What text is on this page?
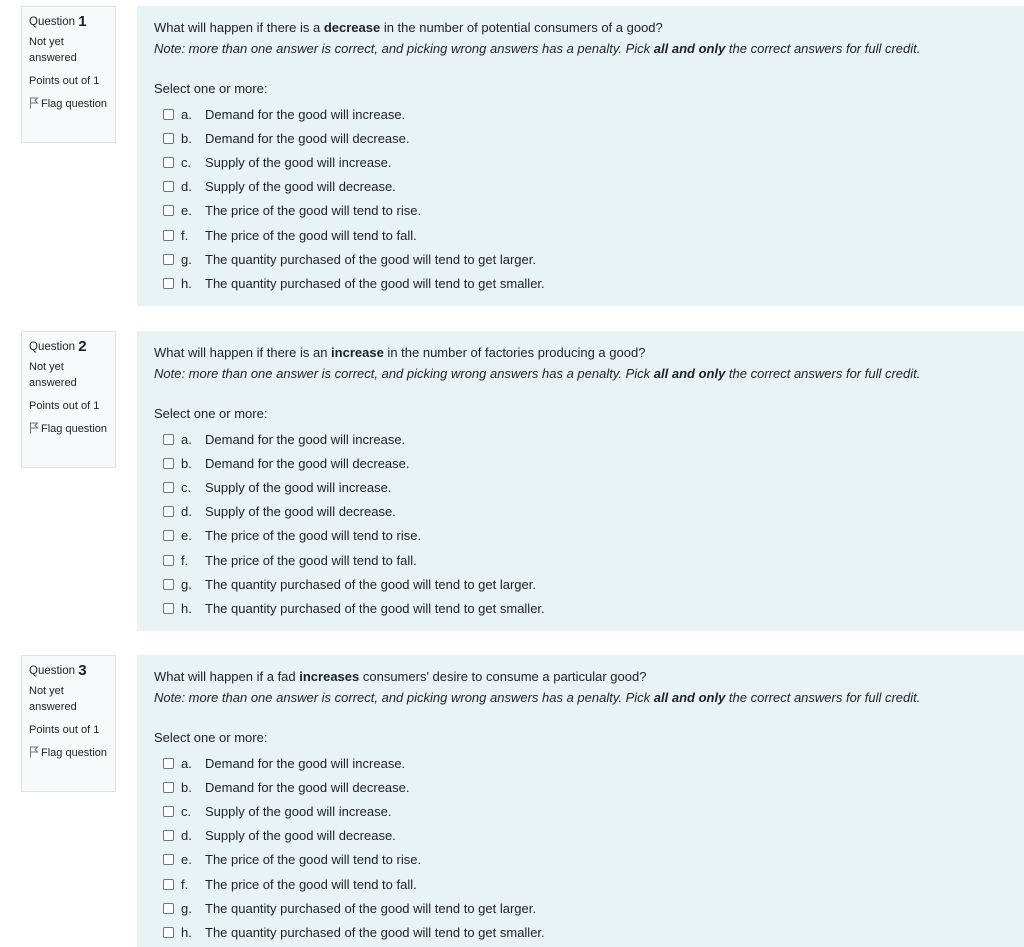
Question 1
Not yet answered
Points out of 1
Flag question
What will happen if there is a decrease in the number of potential consumers of a good?
Note: more than one answer is correct, and picking wrong answers has a penalty. Pick all and only the correct answers for full credit.
Select one or more:
a.	Demand for the good will increase.
b.	Demand for the good will decrease.
c.	Supply of the good will increase.
d.	Supply of the good will decrease.
e.	The price of the good will tend to rise.
f.	The price of the good will tend to fall.
g.	The quantity purchased of the good will tend to get larger.
h.	The quantity purchased of the good will tend to get smaller.
Question 2
Not yet answered
Points out of 1
Flag question
What will happen if there is an increase in the number of factories producing a good?
Note: more than one answer is correct, and picking wrong answers has a penalty. Pick all and only the correct answers for full credit.
Select one or more:
a.	Demand for the good will increase.
b.	Demand for the good will decrease.
c.	Supply of the good will increase.
d.	Supply of the good will decrease.
e.	The price of the good will tend to rise.
f.	The price of the good will tend to fall.
g.	The quantity purchased of the good will tend to get larger.
h.	The quantity purchased of the good will tend to get smaller.
Question 3
Not yet answered
Points out of 1
Flag question
What will happen if a fad increases consumers' desire to consume a particular good?
Note: more than one answer is correct, and picking wrong answers has a penalty. Pick all and only the correct answers for full credit.
Select one or more:
a.	Demand for the good will increase.
b.	Demand for the good will decrease.
c.	Supply of the good will increase.
d.	Supply of the good will decrease.
e.	The price of the good will tend to rise.
f.	The price of the good will tend to fall.
g.	The quantity purchased of the good will tend to get larger.
h.	The quantity purchased of the good will tend to get smaller.
